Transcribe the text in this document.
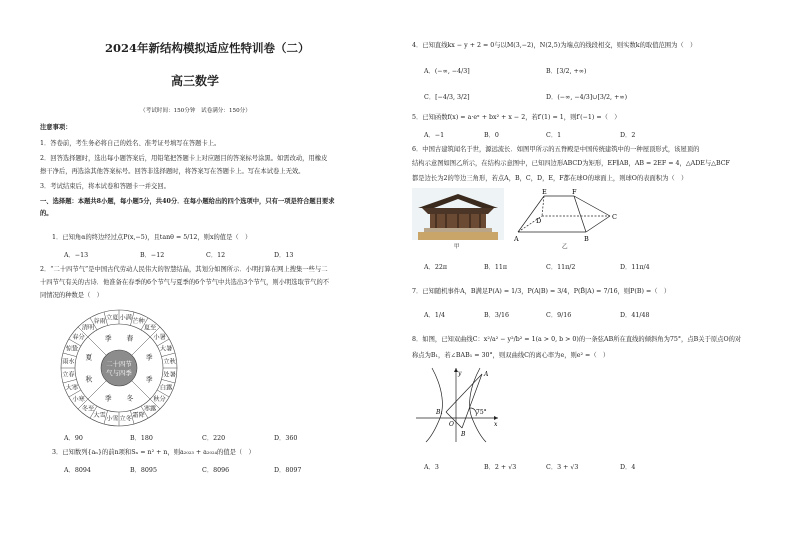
2024年新结构模拟适应性特训卷（二）
高三数学
（考试时间：150分钟　试卷满分：150分）
注意事项：
1．答卷前，考生务必将自己的姓名、准考证号填写在答题卡上。
2．回答选择题时，选出每小题答案后，用铅笔把答题卡上对应题目的答案标号涂黑。如需改动，用橡皮
擦干净后，再选涂其他答案标号。回答非选择题时，将答案写在答题卡上。写在本试卷上无效。
3．考试结束后，将本试卷和答题卡一并交回。
一、选择题：本题共8小题，每小题5分，共40分．在每小题给出的四个选项中，只有一项是符合题目要求
的。
1．已知角α的终边经过点P(x,−5)，且tanθ = 5/12，则x的值是（　）
A．−13	B．−12	C．12	D．13
2．“二十四节气”是中国古代劳动人民伟大的智慧结晶，其划分如图所示．小明打算在网上搜集一些与二
十四节气有关的古诗．他准备在春季的6个节气与夏季的6个节气中共选出3个节气，则小明选取节气的不
同情况的种数是（　）
立夏 小满 芒种
夏至
小暑
大暑
立秋
处暑
白露
秋分
寒露
霜降
立冬
小雪
大雪
冬至
小寒
大寒
立春
雨水
惊蛰
春分
清明
谷雨
春
季
夏
季
秋
季 冬
季
二十四节
气与四季
A．90	B．180	C．220	D．360
3．已知数列{aₙ}的前n项和Sₙ = n² + n，则a₂₀₂₃ + a₂₀₂₄的值是（　）
A．8094	B．8095	C．8096	D．8097
4．已知直线kx − y + 2 = 0与以M(3,−2)，N(2,5)为端点的线段相交，则实数k的取值范围为（　）
A．(−∞, −4/3]	B．[3/2, +∞)
C．[−4/3, 3/2]	D．(−∞, −4/3]∪[3/2, +∞)
5．已知函数f(x) = a·eˣ + bx² + x − 2，若f′(1) = 1，则f′(−1) =（　）
A．−1	B．0	C．1	D．2
6．中国古建筑闻名于世，源远流长．如图甲所示的五脊殿是中国传统建筑中的一种屋顶形式，该屋顶的
结构示意图如图乙所示，在结构示意图中，已知四边形ABCD为矩形，EF∥AB，AB = 2EF = 4，△ADE与△BCF
都是边长为2的等边三角形，若点A，B，C，D，E，F都在球O的球面上，则球O的表面积为（　）
甲
E	F
D	C
A	B
乙
A．22π	B．11π	C．11π/2	D．11π/4
7．已知随机事件A，B满足P(A) = 1/3，P(A|B) = 3/4，P(B̄|A) = 7/16，则P(B) =（　）
A．1/4	B．3/16	C．9/16	D．41/48
8．如图，已知双曲线C：x²/a² − y²/b² = 1(a > 0, b > 0)的一条弦AB所在直线的倾斜角为75°，点B关于原点O的对
称点为B₁，若∠BAB₁ = 30°，则双曲线C的离心率为e，则e² =（　）
y	A
B₁
O
B
75°
x
A．3	B．2 + √3	C．3 + √3	D．4
